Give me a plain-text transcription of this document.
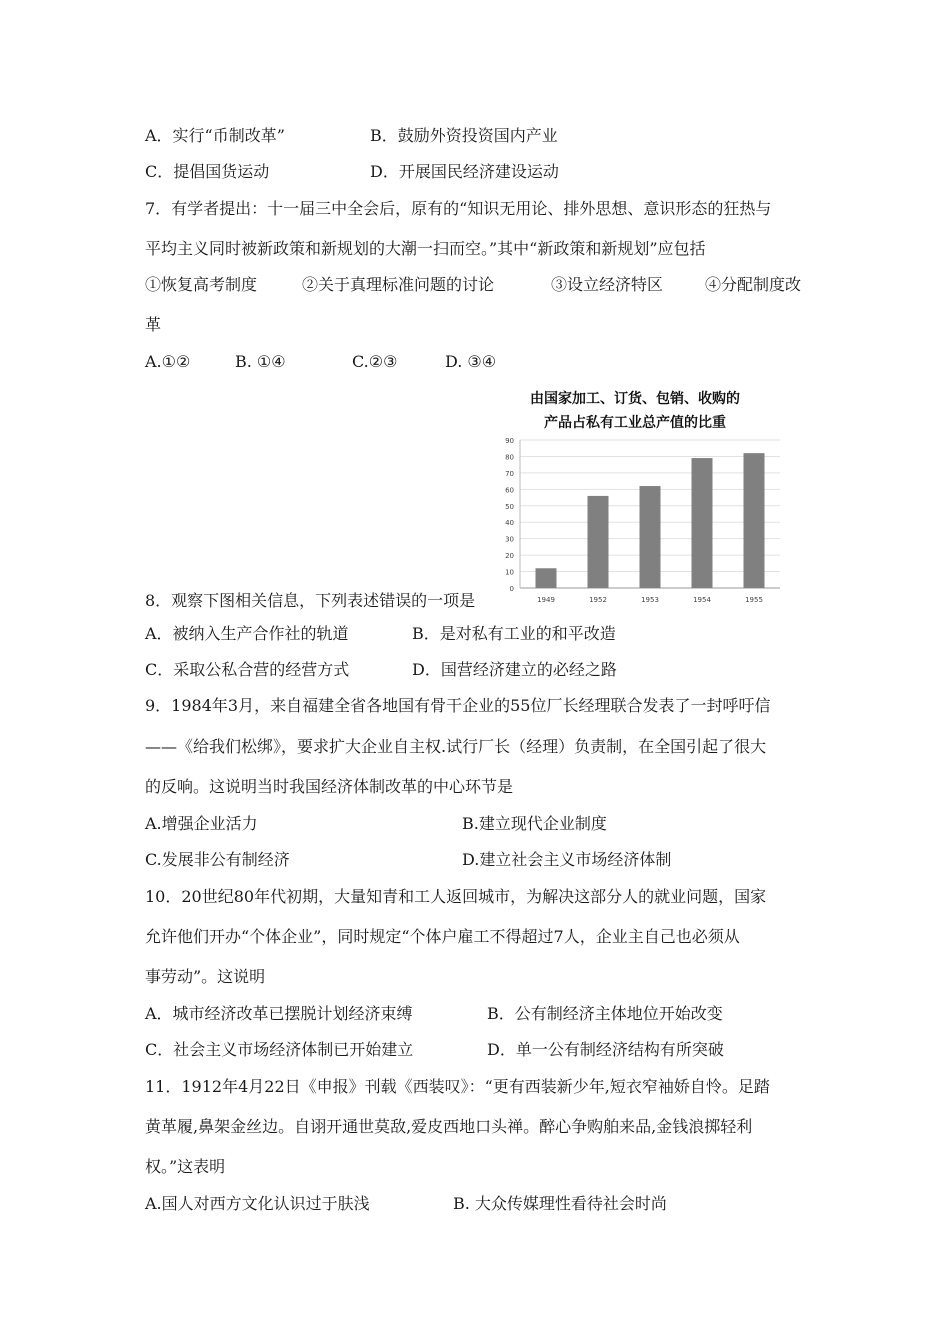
A．实行“币制改革”	B．鼓励外资投资国内产业
C．提倡国货运动	D．开展国民经济建设运动
7．有学者提出：十一届三中全会后，原有的“知识无用论、排外思想、意识形态的狂热与
平均主义同时被新政策和新规划的大潮一扫而空。”其中“新政策和新规划”应包括
①恢复高考制度	②关于真理标准问题的讨论	③设立经济特区	④分配制度改
革
A.①②	B. ①④	C.②③	D. ③④
由国家加工、订货、包销、收购的
产品占私有工业总产值的比重
0
10
20
30
40
50
60
70
80
90
1949	1952	1953	1954	1955
8．观察下图相关信息，下列表述错误的一项是
A．被纳入生产合作社的轨道	B．是对私有工业的和平改造
C．采取公私合营的经营方式	D．国营经济建立的必经之路
9．1984年3月，来自福建全省各地国有骨干企业的55位厂长经理联合发表了一封呼吁信
——《给我们松绑》，要求扩大企业自主权.试行厂长（经理）负责制，在全国引起了很大
的反响。这说明当时我国经济体制改革的中心环节是
A.增强企业活力	B.建立现代企业制度
C.发展非公有制经济	D.建立社会主义市场经济体制
10．20世纪80年代初期，大量知青和工人返回城市，为解决这部分人的就业问题，国家
允许他们开办“个体企业”，同时规定“个体户雇工不得超过7人，企业主自己也必须从
事劳动”。这说明
A．城市经济改革已摆脱计划经济束缚	B．公有制经济主体地位开始改变
C．社会主义市场经济体制已开始建立	D．单一公有制经济结构有所突破
11．1912年4月22日《申报》刊载《西装叹》：“更有西装新少年,短衣窄袖娇自怜。足踏
黄革履,鼻架金丝边。自诩开通世莫敌,爱皮西地口头禅。醉心争购舶来品,金钱浪掷轻利
权。”这表明
A.国人对西方文化认识过于肤浅	B. 大众传媒理性看待社会时尚
